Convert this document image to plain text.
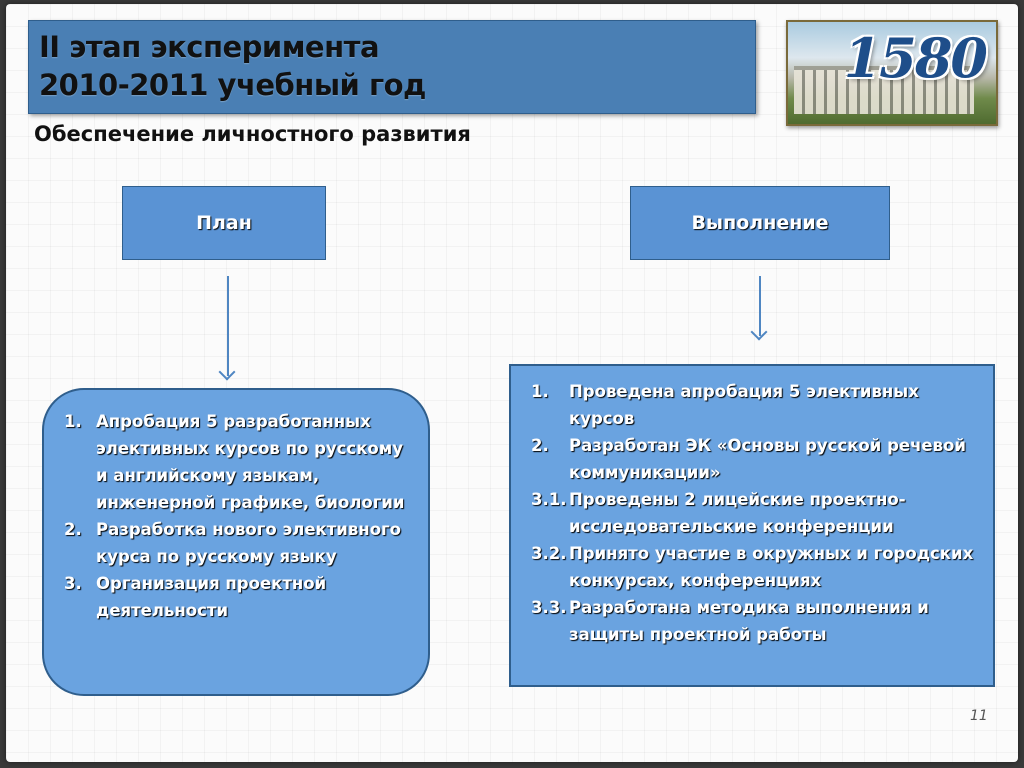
II этап эксперимента
2010-2011 учебный год	1580
Обеспечение личностного развития
План	Выполнение
1. Апробация 5 разработанных элективных курсов по русскому и английскому языкам, инженерной графике, биологии
2. Разработка нового элективного курса по русскому языку
3. Организация проектной деятельности
1.	Проведена апробация 5 элективных курсов
2.	Разработан ЭК «Основы русской речевой коммуникации»
3.1. Проведены 2 лицейские проектно-исследовательские конференции
3.2. Принято участие в окружных и городских конкурсах, конференциях
3.3. Разработана методика выполнения и защиты проектной работы
11
